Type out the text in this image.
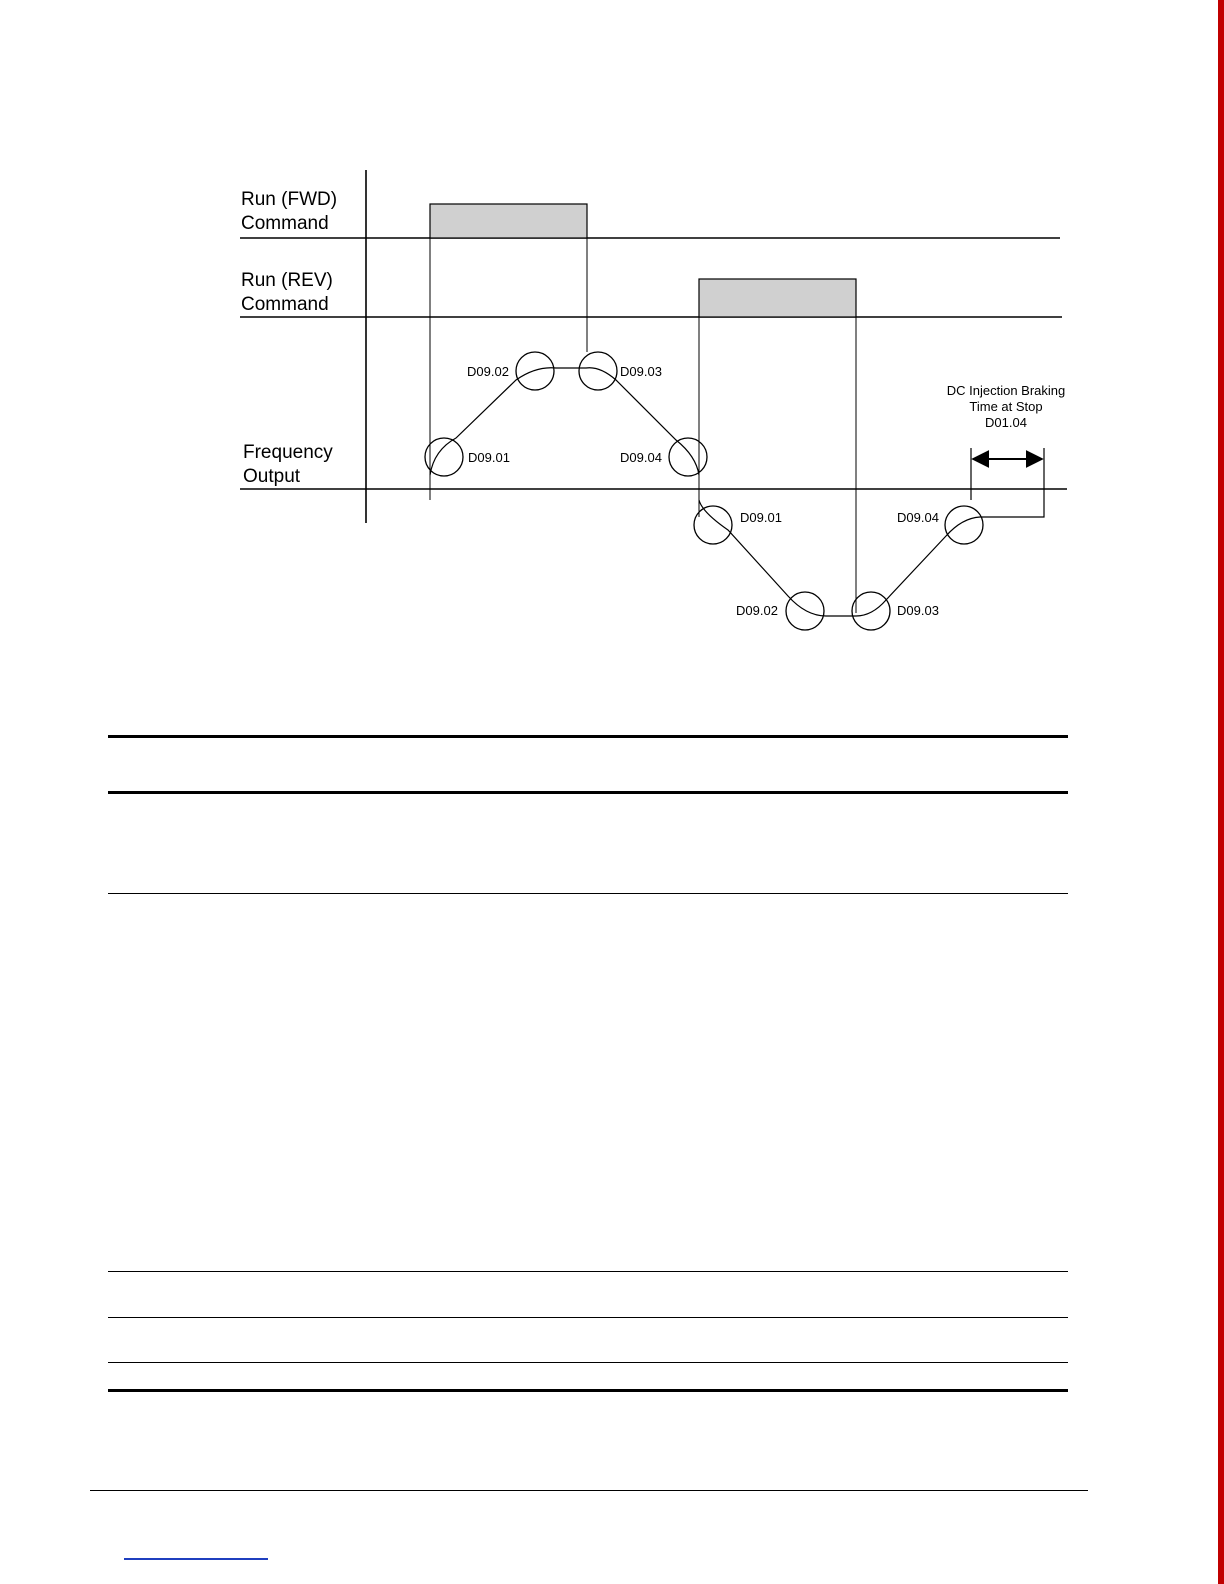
Run (FWD)
Command
Run (REV)
Command
Frequency
Output
D09.02	D09.03
D09.01	D09.04
D09.01	D09.04
D09.02	D09.03
DC Injection Braking
Time at Stop
D01.04
